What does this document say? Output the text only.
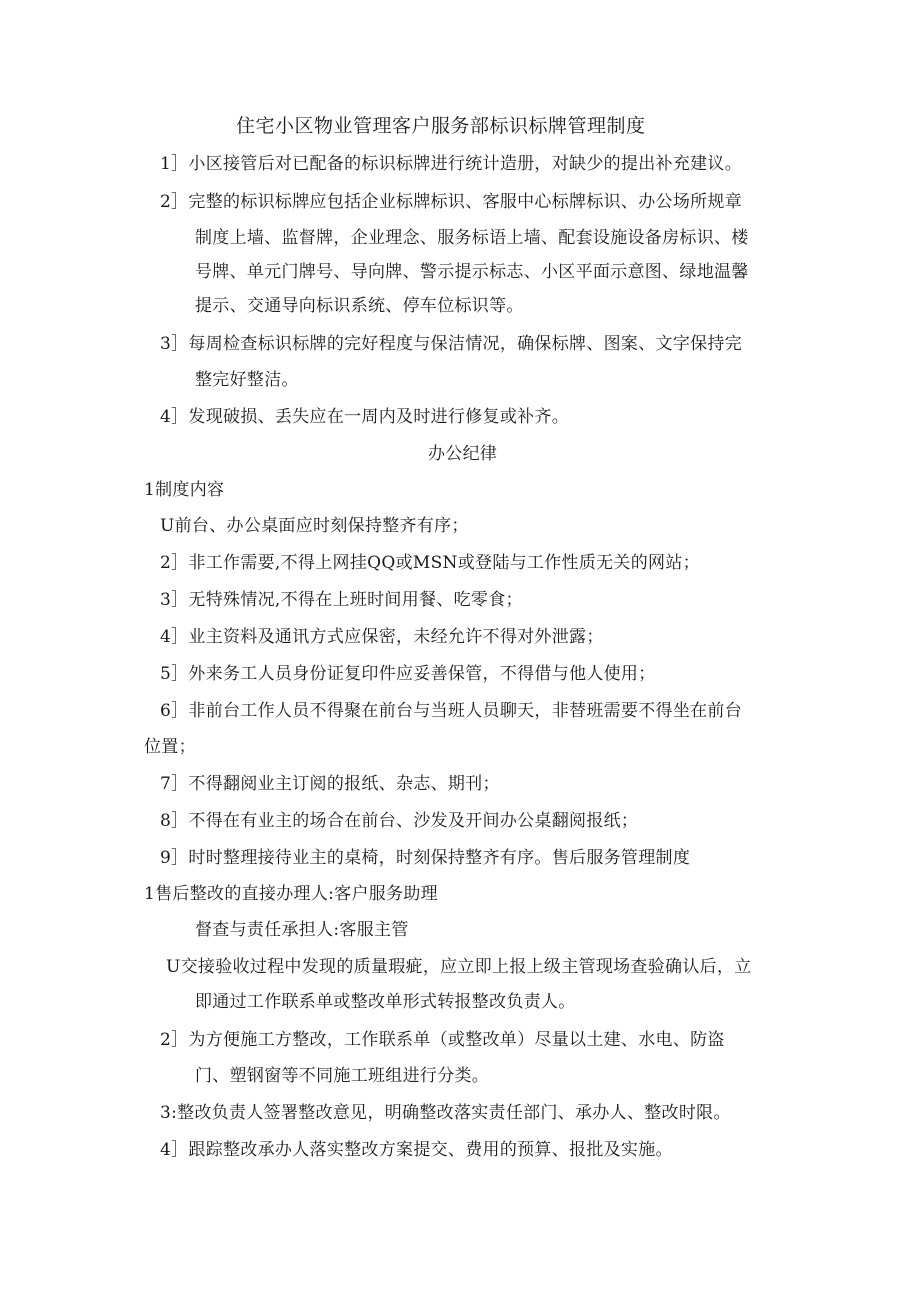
住宅小区物业管理客户服务部标识标牌管理制度
1］小区接管后对已配备的标识标牌进行统计造册，对缺少的提出补充建议。
2］完整的标识标牌应包括企业标牌标识、客服中心标牌标识、办公场所规章
制度上墙、监督牌，企业理念、服务标语上墙、配套设施设备房标识、楼
号牌、单元门牌号、导向牌、警示提示标志、小区平面示意图、绿地温馨
提示、交通导向标识系统、停车位标识等。
3］每周检查标识标牌的完好程度与保洁情况，确保标牌、图案、文字保持完
整完好整洁。
4］发现破损、丢失应在一周内及时进行修复或补齐。
办公纪律
1制度内容
U前台、办公桌面应时刻保持整齐有序；
2］非工作需要,不得上网挂QQ或MSN或登陆与工作性质无关的网站；
3］无特殊情况,不得在上班时间用餐、吃零食；
4］业主资料及通讯方式应保密，未经允许不得对外泄露；
5］外来务工人员身份证复印件应妥善保管，不得借与他人使用；
6］非前台工作人员不得聚在前台与当班人员聊天，非替班需要不得坐在前台
位置；
7］不得翻阅业主订阅的报纸、杂志、期刊；
8］不得在有业主的场合在前台、沙发及开间办公桌翻阅报纸；
9］时时整理接待业主的桌椅，时刻保持整齐有序。售后服务管理制度
1售后整改的直接办理人:客户服务助理
督查与责任承担人:客服主管
U交接验收过程中发现的质量瑕疵，应立即上报上级主管现场查验确认后，立
即通过工作联系单或整改单形式转报整改负责人。
2］为方便施工方整改，工作联系单（或整改单）尽量以土建、水电、防盗
门、塑钢窗等不同施工班组进行分类。
3:整改负责人签署整改意见，明确整改落实责任部门、承办人、整改时限。
4］跟踪整改承办人落实整改方案提交、费用的预算、报批及实施。
